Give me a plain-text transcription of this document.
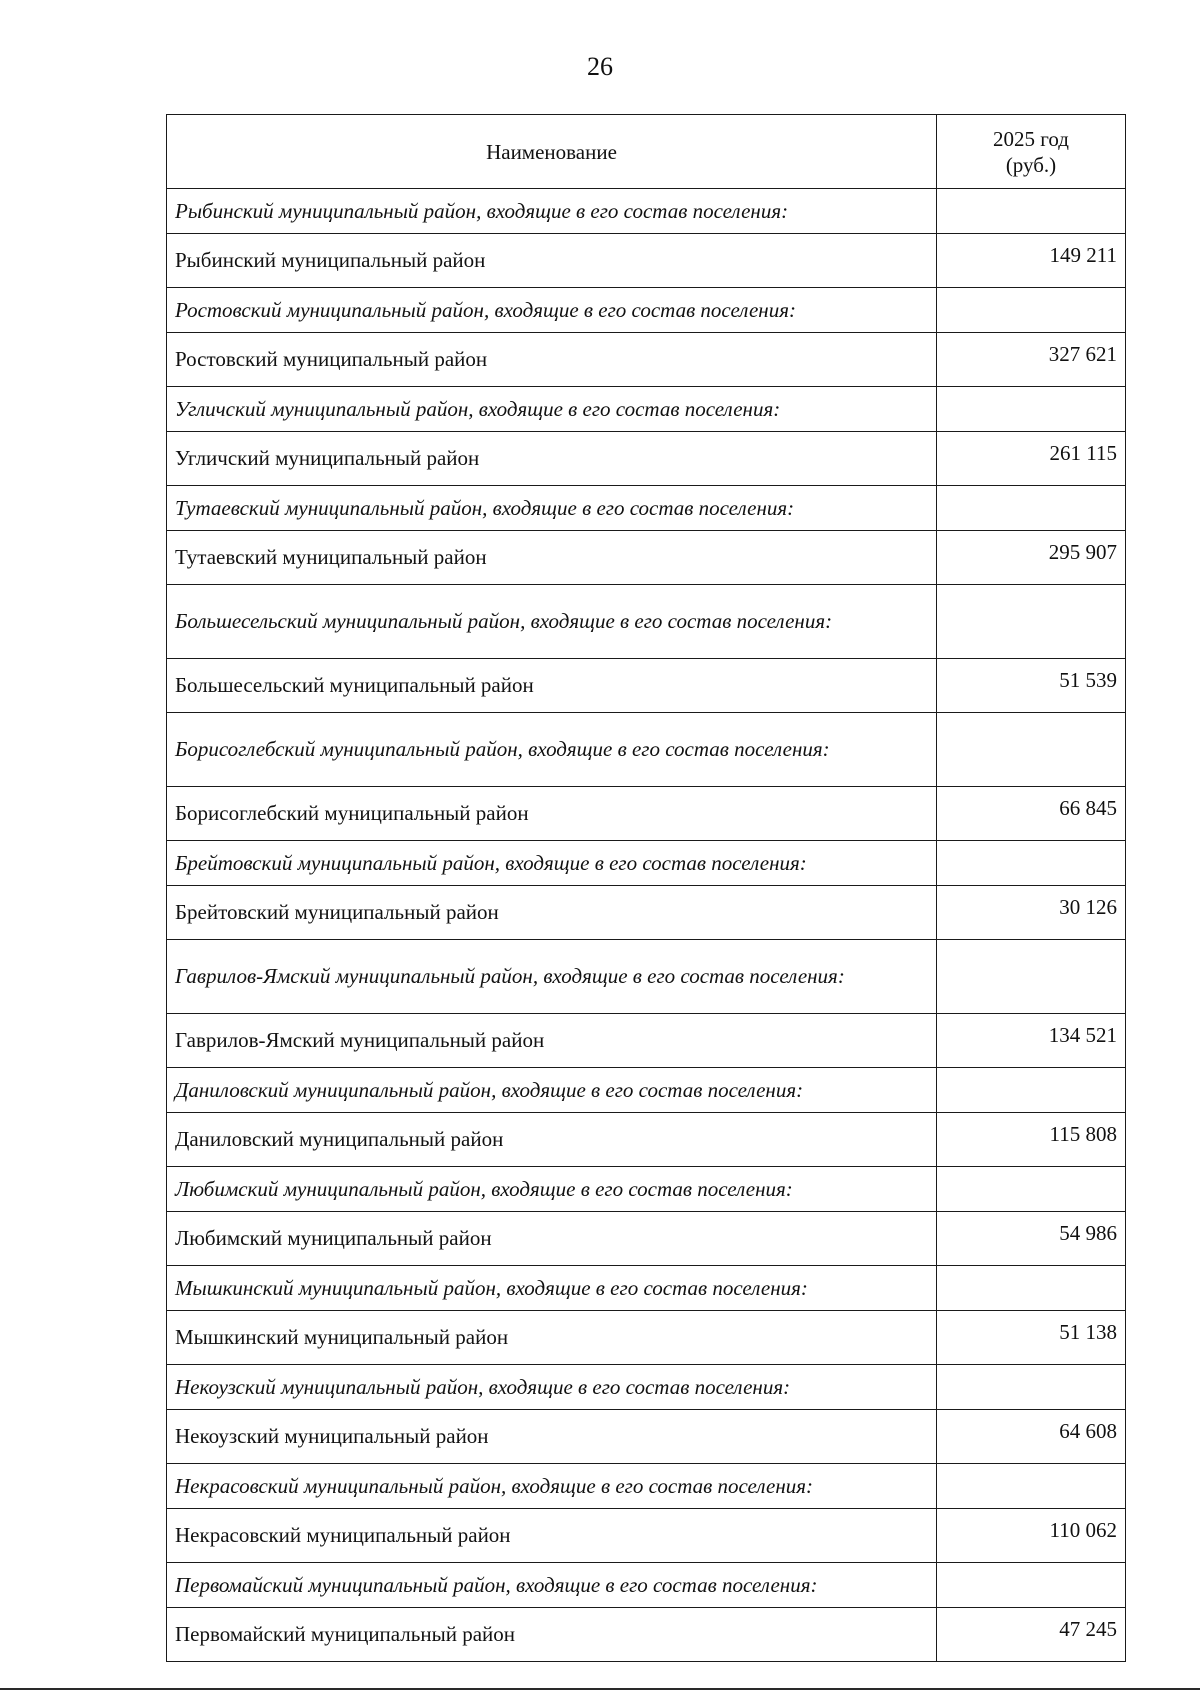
26
Наименование	2025 год
(руб.)

Рыбинский муниципальный район, входящие в его состав поселения:	
Рыбинский муниципальный район	149 211
Ростовский муниципальный район, входящие в его состав поселения:	
Ростовский муниципальный район	327 621
Угличский муниципальный район, входящие в его состав поселения:	
Угличский муниципальный район	261 115
Тутаевский муниципальный район, входящие в его состав поселения:	
Тутаевский муниципальный район	295 907
Большесельский муниципальный район, входящие в его состав поселения:	
Большесельский муниципальный район	51 539
Борисоглебский муниципальный район, входящие в его состав поселения:	
Борисоглебский муниципальный район	66 845
Брейтовский муниципальный район, входящие в его состав поселения:	
Брейтовский муниципальный район	30 126
Гаврилов-Ямский муниципальный район, входящие в его состав поселения:	
Гаврилов-Ямский муниципальный район	134 521
Даниловский муниципальный район, входящие в его состав поселения:	
Даниловский муниципальный район	115 808
Любимский муниципальный район, входящие в его состав поселения:	
Любимский муниципальный район	54 986
Мышкинский муниципальный район, входящие в его состав поселения:	
Мышкинский муниципальный район	51 138
Некоузский муниципальный район, входящие в его состав поселения:	
Некоузский муниципальный район	64 608
Некрасовский муниципальный район, входящие в его состав поселения:	
Некрасовский муниципальный район	110 062
Первомайский муниципальный район, входящие в его состав поселения:	
Первомайский муниципальный район	47 245
